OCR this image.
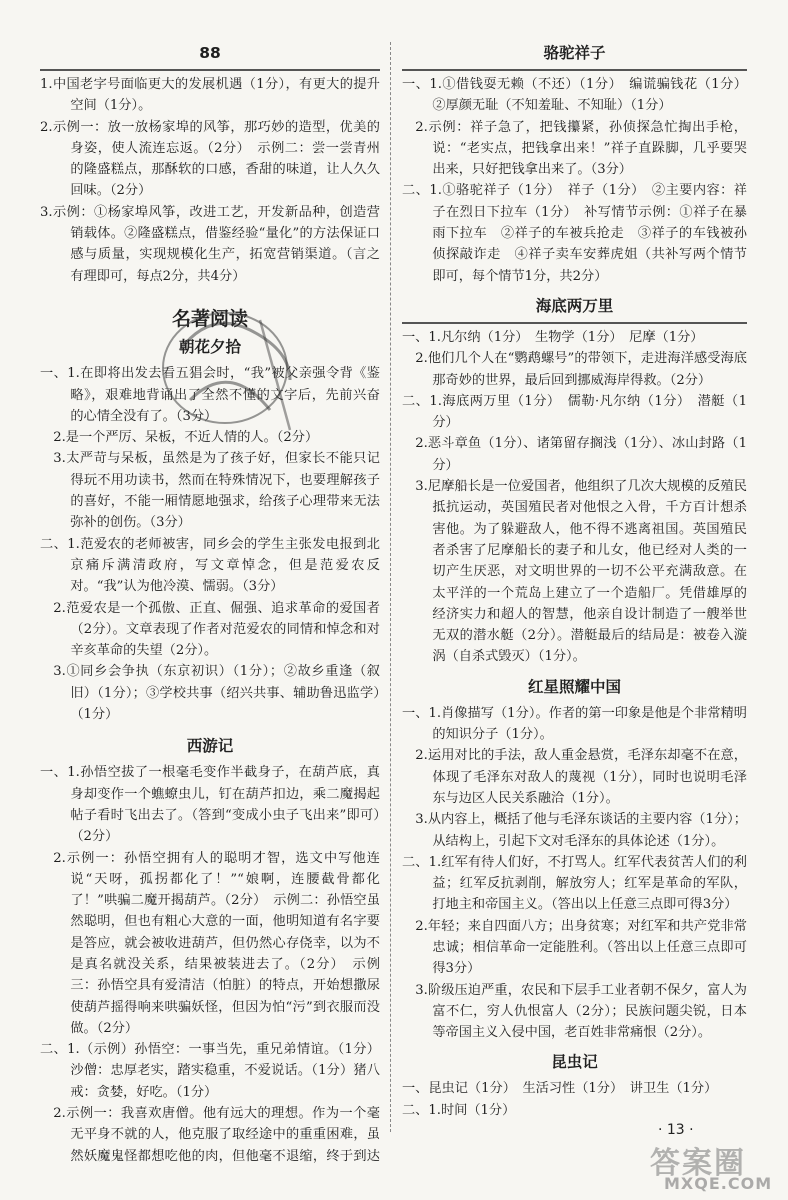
88

1.中国老字号面临更大的发展机遇（1分），有更大的提升空间（1分）。

2.示例一：放一放杨家埠的风筝，那巧妙的造型，优美的身姿，使人流连忘返。（2分）　示例二：尝一尝青州的隆盛糕点，那酥软的口感，香甜的味道，让人久久回味。（2分）

3.示例：①杨家埠风筝，改进工艺，开发新品种，创造营销载体。②隆盛糕点，借鉴经验“量化”的方法保证口感与质量，实现规模化生产，拓宽营销渠道。（言之有理即可，每点2分，共4分）

名著阅读
朝花夕拾

一、1.在即将出发去看五猖会时，“我”被父亲强令背《鉴略》，艰难地背诵出了全然不懂的文字后，先前兴奋的心情全没有了。（3分）

2.是一个严厉、呆板，不近人情的人。（2分）

3.太严苛与呆板，虽然是为了孩子好，但家长不能只记得玩不用功读书，然而在特殊情况下，也要理解孩子的喜好，不能一厢情愿地强求，给孩子心理带来无法弥补的创伤。（3分）

二、1.范爱农的老师被害，同乡会的学生主张发电报到北京痛斥满清政府，写文章悼念，但是范爱农反对。“我”认为他冷漠、懦弱。（3分）

2.范爱农是一个孤傲、正直、倔强、追求革命的爱国者（2分）。文章表现了作者对范爱农的同情和悼念和对辛亥革命的失望（2分）。

3.①同乡会争执（东京初识）（1分）；②故乡重逢（叙旧）（1分）；③学校共事（绍兴共事、辅助鲁迅监学）（1分）

西游记

一、1.孙悟空拔了一根毫毛变作半截身子，在葫芦底，真身却变作一个蟭蟟虫儿，钉在葫芦扣边，乘二魔揭起帖子看时飞出去了。（答到“变成小虫子飞出来”即可）（2分）

2.示例一：孙悟空拥有人的聪明才智，选文中写他连说“天呀，孤拐都化了！”“娘啊，连腰截骨都化了！”哄骗二魔开揭葫芦。（2分）　示例二：孙悟空虽然聪明，但也有粗心大意的一面，他明知道有名字要是答应，就会被收进葫芦，但仍然心存侥幸，以为不是真名就没关系，结果被装进去了。（2分）　示例三：孙悟空具有爱清洁（怕脏）的特点，开始想撒尿使葫芦摇得响来哄骗妖怪，但因为怕“污”到衣服而没做。（2分）

二、1.（示例）孙悟空：一事当先，重兄弟情谊。（1分）沙僧：忠厚老实，踏实稳重，不爱说话。（1分）猪八戒：贪婪，好吃。（1分）

2.示例一：我喜欢唐僧。他有远大的理想。作为一个毫无平身不就的人，他克服了取经途中的重重困难，虽然妖魔鬼怪都想吃他的肉，但他毫不退缩，终于到达　

骆驼祥子

一、1.①借钱耍无赖（不还）（1分）　编谎骗钱花（1分）②厚颜无耻（不知羞耻、不知耻）（1分）

2.示例：祥子急了，把钱攥紧，孙侦探急忙掏出手枪，说：“老实点，把钱拿出来！”祥子直跺脚，几乎要哭出来，只好把钱拿出来了。（3分）

二、1.①骆驼祥子（1分）　祥子（1分）　②主要内容：祥子在烈日下拉车（1分）　补写情节示例：①祥子在暴雨下拉车　②祥子的车被兵抢走　③祥子的车钱被孙侦探敲诈走　④祥子卖车安葬虎姐（共补写两个情节即可，每个情节1分，共2分）

海底两万里

一、1.凡尔纳（1分）　生物学（1分）　尼摩（1分）

2.他们几个人在“鹦鹉螺号”的带领下，走进海洋感受海底那奇妙的世界，最后回到挪威海岸得救。（2分）

二、1.海底两万里（1分）　儒勒·凡尔纳（1分）　潜艇（1分）

2.恶斗章鱼（1分）、诸第留存搁浅（1分）、冰山封路（1分）

3.尼摩船长是一位爱国者，他组织了几次大规模的反殖民抵抗运动，英国殖民者对他恨之入骨，千方百计想杀害他。为了躲避敌人，他不得不逃离祖国。英国殖民者杀害了尼摩船长的妻子和儿女，他已经对人类的一切产生厌恶，对文明世界的一切不公平充满敌意。在太平洋的一个荒岛上建立了一个造船厂。凭借雄厚的经济实力和超人的智慧，他亲自设计制造了一艘举世无双的潜水艇（2分）。潜艇最后的结局是：被卷入漩涡（自杀式毁灭）（1分）。

红星照耀中国

一、1.肖像描写（1分）。作者的第一印象是他是个非常精明的知识分子（1分）。

2.运用对比的手法，敌人重金悬赏，毛泽东却毫不在意，体现了毛泽东对敌人的蔑视（1分），同时也说明毛泽东与边区人民关系融洽（1分）。

3.从内容上，概括了他与毛泽东谈话的主要内容（1分）；从结构上，引起下文对毛泽东的具体论述（1分）。

二、1.红军有待人们好，不打骂人。红军代表贫苦人们的利益；红军反抗剥削，解放穷人；红军是革命的军队，打地主和帝国主义。（答出以上任意三点即可得3分）

2.年轻；来自四面八方；出身贫寒；对红军和共产党非常忠诚；相信革命一定能胜利。（答出以上任意三点即可得3分）

3.阶级压迫严重，农民和下层手工业者朝不保夕，富人为富不仁，穷人仇恨富人（2分）；民族问题尖锐，日本等帝国主义入侵中国，老百姓非常痛恨（2分）。

昆虫记

一、昆虫记（1分）　生活习性（1分）　讲卫生（1分）

二、1.时间（1分）

· 13 ·
答案圈
MXQE.COM
